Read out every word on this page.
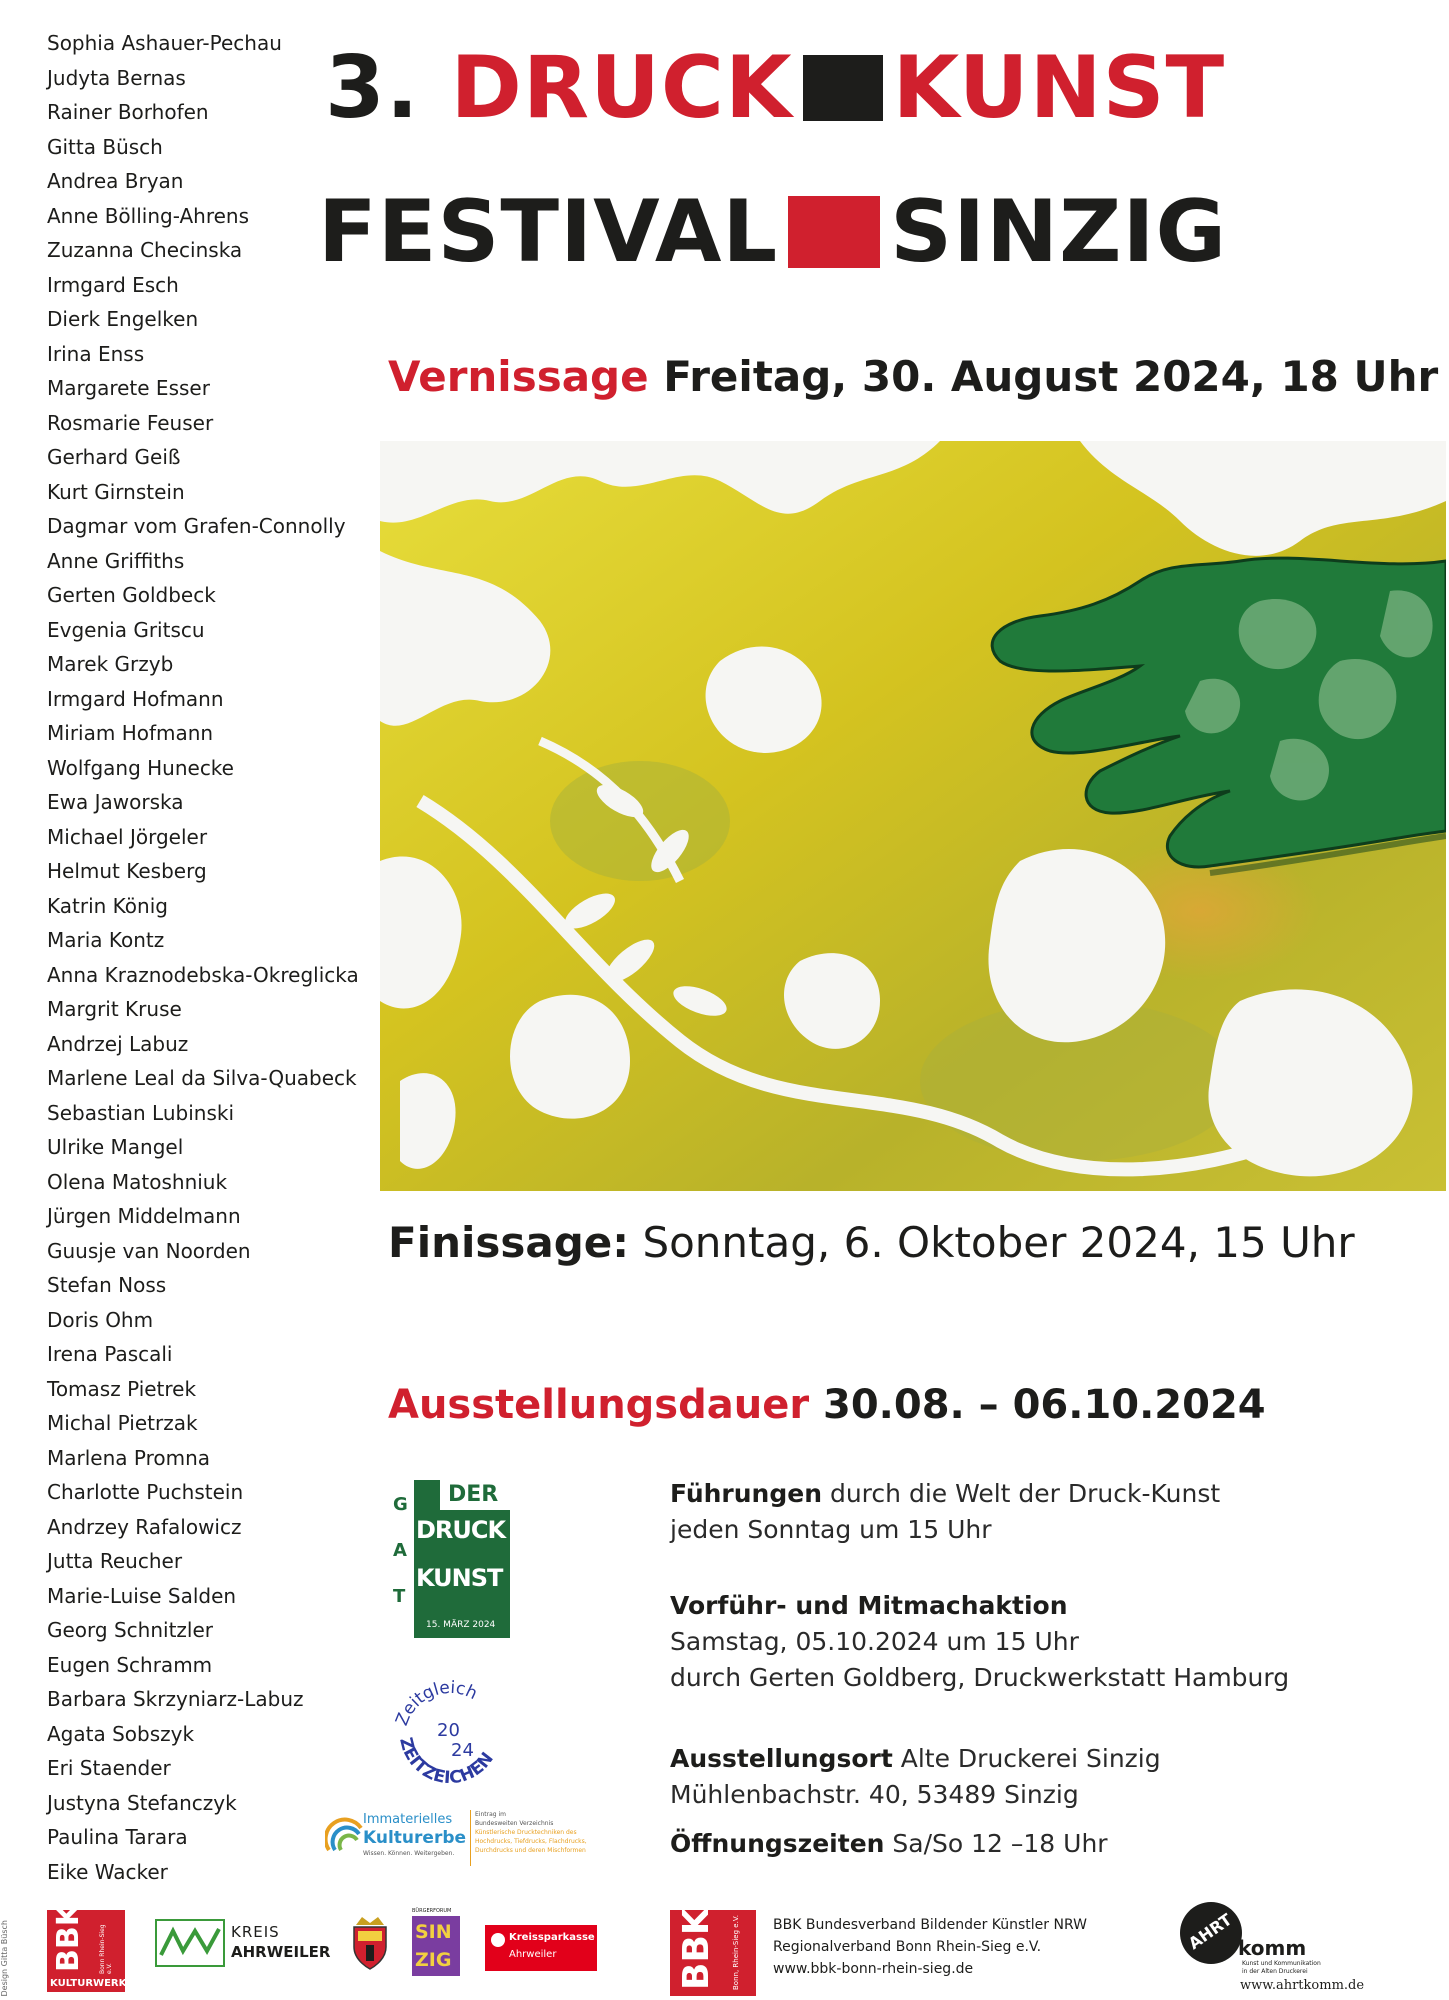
Sophia Ashauer-Pechau
Judyta Bernas
Rainer Borhofen
Gitta Büsch
Andrea Bryan
Anne Bölling-Ahrens
Zuzanna Checinska
Irmgard Esch
Dierk Engelken
Irina Enss
Margarete Esser
Rosmarie Feuser
Gerhard Geiß
Kurt Girnstein
Dagmar vom Grafen-Connolly
Anne Griffiths
Gerten Goldbeck
Evgenia Gritscu
Marek Grzyb
Irmgard Hofmann
Miriam Hofmann
Wolfgang Hunecke
Ewa Jaworska
Michael Jörgeler
Helmut Kesberg
Katrin König
Maria Kontz
Anna Kraznodebska-Okreglicka
Margrit Kruse
Andrzej Labuz
Marlene Leal da Silva-Quabeck
Sebastian Lubinski
Ulrike Mangel
Olena Matoshniuk
Jürgen Middelmann
Guusje van Noorden
Stefan Noss
Doris Ohm
Irena Pascali
Tomasz Pietrek
Michal Pietrzak
Marlena Promna
Charlotte Puchstein
Andrzey Rafalowicz
Jutta Reucher
Marie-Luise Salden
Georg Schnitzler
Eugen Schramm
Barbara Skrzyniarz-Labuz
Agata Sobszyk
Eri Staender
Justyna Stefanczyk
Paulina Tarara
Eike Wacker
3. DRUCK KUNST
FESTIVAL SINZIG
Vernissage Freitag, 30. August 2024, 18 Uhr
Finissage: Sonntag, 6. Oktober 2024, 15 Uhr
Ausstellungsdauer 30.08. – 06.10.2024
Führungen durch die Welt der Druck-Kunst
jeden Sonntag um 15 Uhr
Vorführ- und Mitmachaktion
Samstag, 05.10.2024 um 15 Uhr
durch Gerten Goldberg, Druckwerkstatt Hamburg
Ausstellungsort Alte Druckerei Sinzig
Mühlenbachstr. 40, 53489 Sinzig
Öffnungszeiten Sa/So 12 –18 Uhr
G
A
T
DER
DRUCK
KUNST
15. MÄRZ 2024
Zeitgleich
ZEITZEICHEN
20
24
Immaterielles
Kulturerbe
Wissen. Können. Weitergeben.
Eintrag im
Bundesweiten Verzeichnis
Künstlerische Drucktechniken des
Hochdrucks, Tiefdrucks, Flachdrucks,
Durchdrucks und deren Mischformen
BBK Bonn Rhein-Sieg e.V.
KULTURWERK
KREIS
AHRWEILER
BÜRGERFORUM
SIN ZIG
Kreissparkasse
Ahrweiler	BBK Bonn, Rhein-Sieg e.V. BBK Bundesverband Bildender Künstler NRW
Regionalverband Bonn Rhein-Sieg e.V.
www.bbk-bonn-rhein-sieg.de
AHRT komm
Kunst und Kommunikation
in der Alten Druckerei
www.ahrtkomm.de
Design Gitta Büsch
